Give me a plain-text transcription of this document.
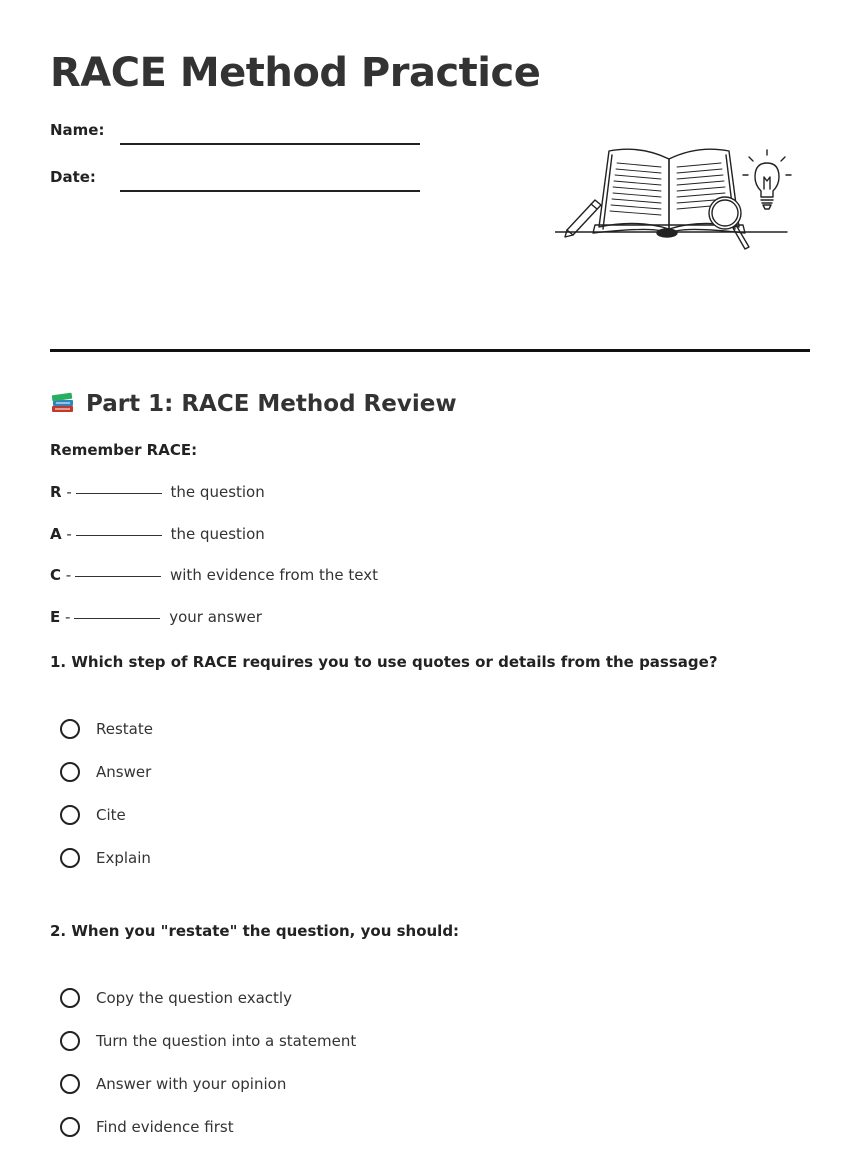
RACE Method Practice
Name:
Date:
Part 1: RACE Method Review
Remember RACE:
R -	the question
A -	the question
C -	with evidence from the text
E -	your answer
1. Which step of RACE requires you to use quotes or details from the passage?
Restate
Answer
Cite
Explain
2. When you "restate" the question, you should:
Copy the question exactly
Turn the question into a statement
Answer with your opinion
Find evidence first
